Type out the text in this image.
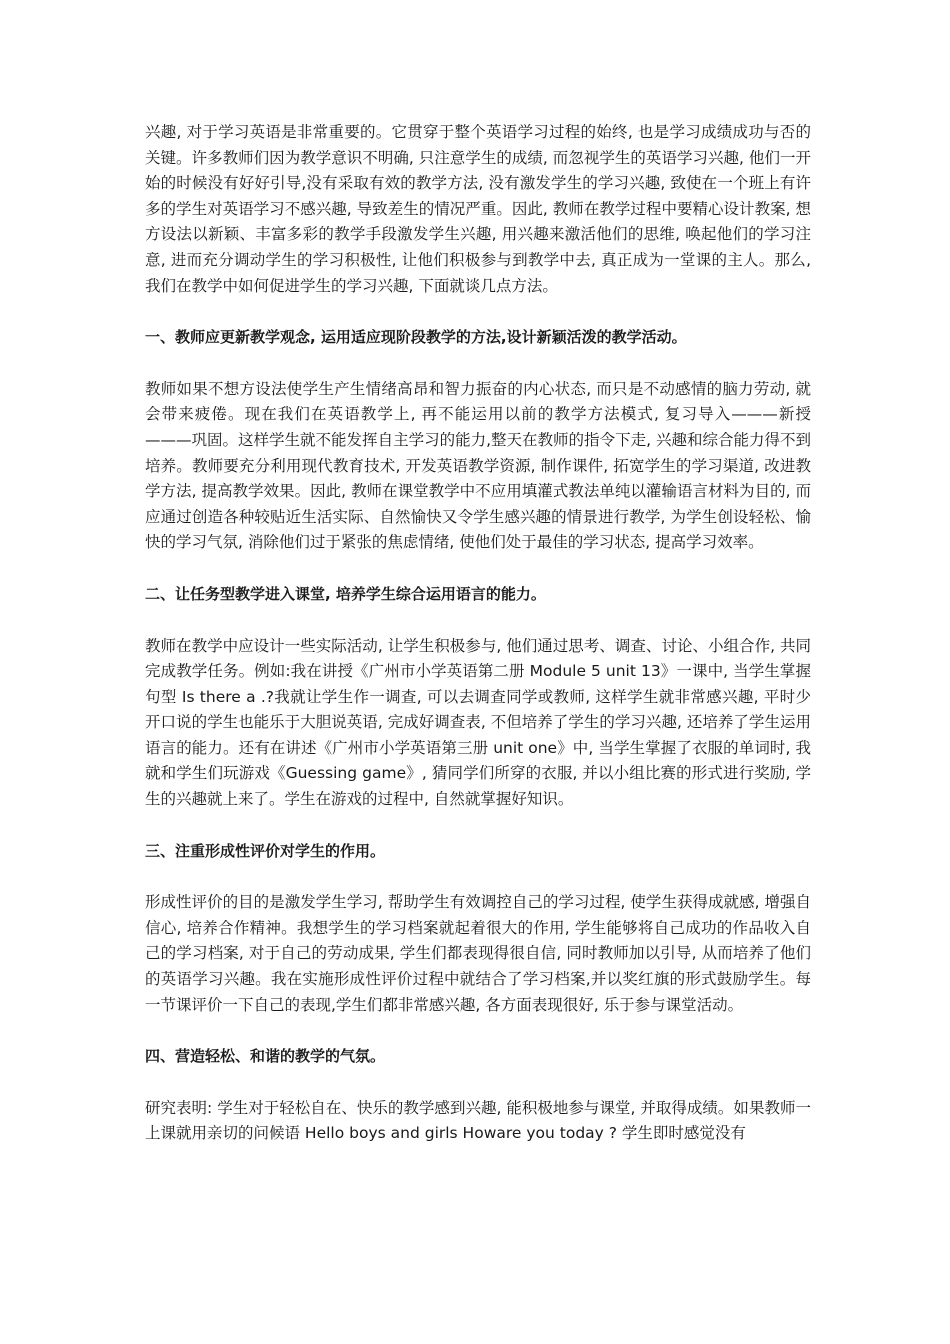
兴趣, 对于学习英语是非常重要的。它贯穿于整个英语学习过程的始终, 也是学习成绩成功与否的关键。许多教师们因为教学意识不明确, 只注意学生的成绩, 而忽视学生的英语学习兴趣, 他们一开始的时候没有好好引导,没有采取有效的教学方法, 没有激发学生的学习兴趣, 致使在一个班上有许多的学生对英语学习不感兴趣, 导致差生的情况严重。因此, 教师在教学过程中要精心设计教案, 想方设法以新颖、丰富多彩的教学手段激发学生兴趣, 用兴趣来激活他们的思维, 唤起他们的学习注意, 进而充分调动学生的学习积极性, 让他们积极参与到教学中去, 真正成为一堂课的主人。那么, 我们在教学中如何促进学生的学习兴趣, 下面就谈几点方法。

一、教师应更新教学观念, 运用适应现阶段教学的方法,设计新颖活泼的教学活动。

教师如果不想方设法使学生产生情绪高昂和智力振奋的内心状态, 而只是不动感情的脑力劳动, 就会带来疲倦。现在我们在英语教学上, 再不能运用以前的教学方法模式, 复习导入———新授———巩固。这样学生就不能发挥自主学习的能力,整天在教师的指令下走, 兴趣和综合能力得不到培养。教师要充分利用现代教育技术, 开发英语教学资源, 制作课件, 拓宽学生的学习渠道, 改进教学方法, 提高教学效果。因此, 教师在课堂教学中不应用填灌式教法单纯以灌输语言材料为目的, 而应通过创造各种较贴近生活实际、自然愉快又令学生感兴趣的情景进行教学, 为学生创设轻松、愉快的学习气氛, 消除他们过于紧张的焦虑情绪, 使他们处于最佳的学习状态, 提高学习效率。

二、让任务型教学进入课堂, 培养学生综合运用语言的能力。

教师在教学中应设计一些实际活动, 让学生积极参与, 他们通过思考、调查、讨论、小组合作, 共同完成教学任务。例如:我在讲授《广州市小学英语第二册 Module 5 unit 13》一课中, 当学生掌握句型 Is there a .?我就让学生作一调查, 可以去调查同学或教师, 这样学生就非常感兴趣, 平时少开口说的学生也能乐于大胆说英语, 完成好调查表, 不但培养了学生的学习兴趣, 还培养了学生运用语言的能力。还有在讲述《广州市小学英语第三册 unit one》中, 当学生掌握了衣服的单词时, 我就和学生们玩游戏《Guessing game》, 猜同学们所穿的衣服, 并以小组比赛的形式进行奖励, 学生的兴趣就上来了。学生在游戏的过程中, 自然就掌握好知识。

三、注重形成性评价对学生的作用。

形成性评价的目的是激发学生学习, 帮助学生有效调控自己的学习过程, 使学生获得成就感, 增强自信心, 培养合作精神。我想学生的学习档案就起着很大的作用, 学生能够将自己成功的作品收入自己的学习档案, 对于自己的劳动成果, 学生们都表现得很自信, 同时教师加以引导, 从而培养了他们的英语学习兴趣。我在实施形成性评价过程中就结合了学习档案,并以奖红旗的形式鼓励学生。每一节课评价一下自己的表现,学生们都非常感兴趣, 各方面表现很好, 乐于参与课堂活动。

四、营造轻松、和谐的教学的气氛。

研究表明: 学生对于轻松自在、快乐的教学感到兴趣, 能积极地参与课堂, 并取得成绩。如果教师一上课就用亲切的问候语 Hello boys and girls Howare you today ? 学生即时感觉没有
